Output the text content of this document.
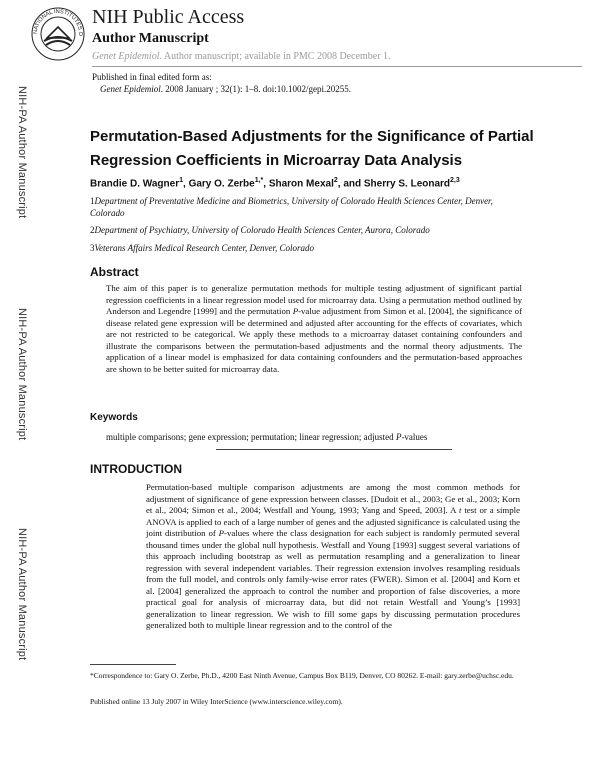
NATIONAL INSTITUTES O
NIH Public Access
Author Manuscript
Genet Epidemiol. Author manuscript; available in PMC 2008 December 1.
Published in final edited form as:
Genet Epidemiol. 2008 January ; 32(1): 1–8. doi:10.1002/gepi.20255.
NIH-PA Author Manuscript
NIH-PA Author Manuscript
NIH-PA Author Manuscript
Permutation-Based Adjustments for the Significance of Partial
Regression Coefficients in Microarray Data Analysis
Brandie D. Wagner$^1$, Gary O. Zerbe$^{1,*}$, Sharon Mexal$^2$, and Sherry S. Leonard$^{2,3}$
1Department of Preventative Medicine and Biometrics, University of Colorado Health Sciences Center, Denver, Colorado
2Department of Psychiatry, University of Colorado Health Sciences Center, Aurora, Colorado
3Veterans Affairs Medical Research Center, Denver, Colorado
Abstract
The aim of this paper is to generalize permutation methods for multiple testing adjustment of significant partial regression coefficients in a linear regression model used for microarray data. Using a permutation method outlined by Anderson and Legendre [1999] and the permutation P-value adjustment from Simon et al. [2004], the significance of disease related gene expression will be determined and adjusted after accounting for the effects of covariates, which are not restricted to be categorical. We apply these methods to a microarray dataset containing confounders and illustrate the comparisons between the permutation-based adjustments and the normal theory adjustments. The application of a linear model is emphasized for data containing confounders and the permutation-based approaches are shown to be better suited for microarray data.
Keywords
multiple comparisons; gene expression; permutation; linear regression; adjusted P-values
INTRODUCTION
Permutation-based multiple comparison adjustments are among the most common methods for adjustment of significance of gene expression between classes. [Dudoit et al., 2003; Ge et al., 2003; Korn et al., 2004; Simon et al., 2004; Westfall and Young, 1993; Yang and Speed, 2003]. A t test or a simple ANOVA is applied to each of a large number of genes and the adjusted significance is calculated using the joint distribution of P-values where the class designation for each subject is randomly permuted several thousand times under the global null hypothesis. Westfall and Young [1993] suggest several variations of this approach including bootstrap as well as permutation resampling and a generalization to linear regression with several independent variables. Their regression extension involves resampling residuals from the full model, and controls only family-wise error rates (FWER). Simon et al. [2004] and Korn et al. [2004] generalized the approach to control the number and proportion of false discoveries, a more practical goal for analysis of microarray data, but did not retain Westfall and Young’s [1993] generalization to linear regression. We wish to fill some gaps by discussing permutation procedures generalized both to multiple linear regression and to the control of the
*Correspondence to: Gary O. Zerbe, Ph.D., 4200 East Ninth Avenue, Campus Box B119, Denver, CO 80262. E-mail: gary.zerbe@uchsc.edu.
Published online 13 July 2007 in Wiley InterScience (www.interscience.wiley.com).
